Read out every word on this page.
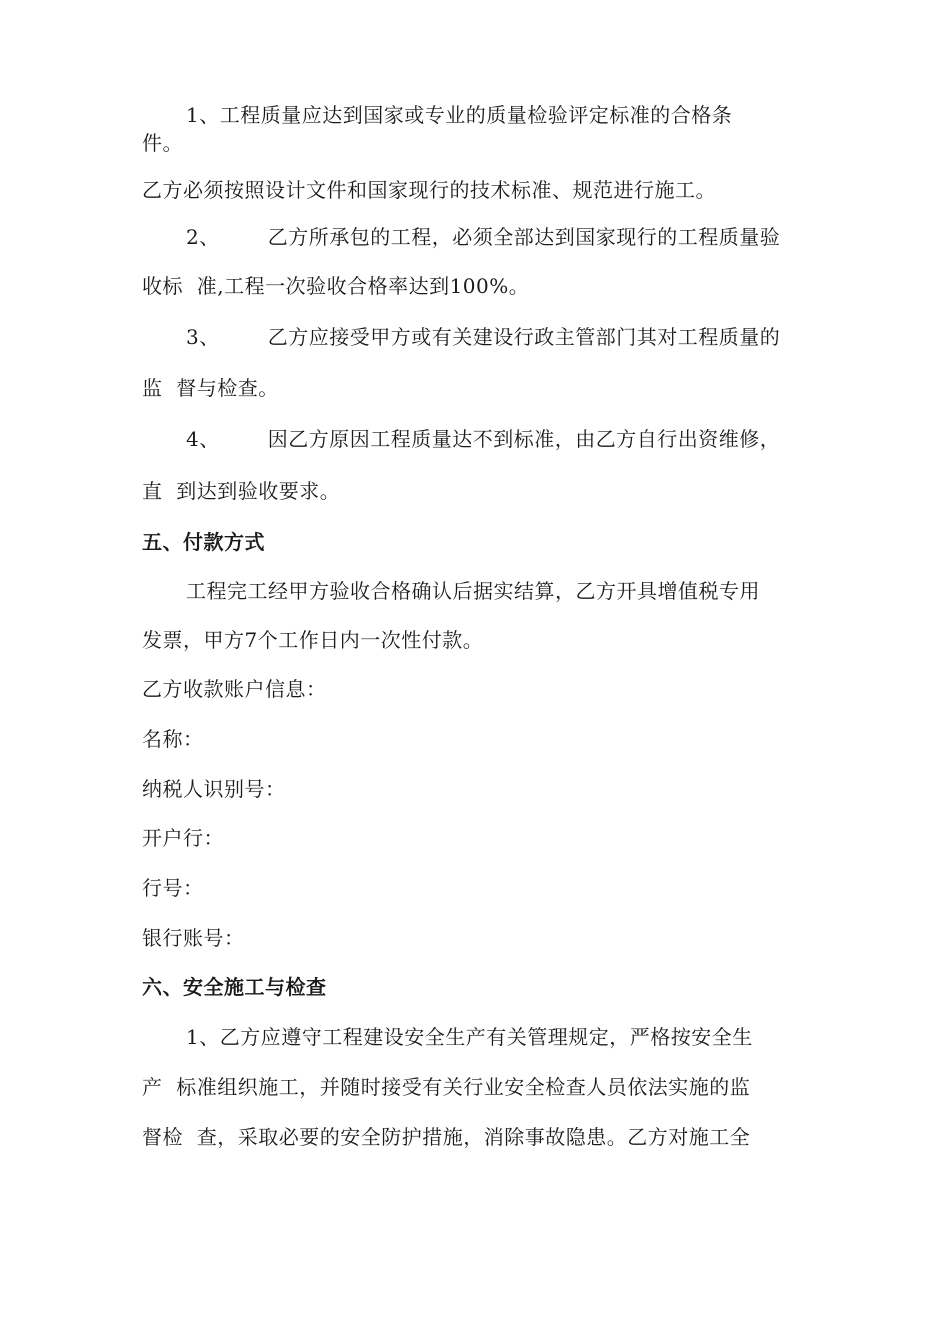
1、工程质量应达到国家或专业的质量检验评定标准的合格条
件。
乙方必须按照设计文件和国家现行的技术标准、规范进行施工。
2、       乙方所承包的工程，必须全部达到国家现行的工程质量验
收标  准,工程一次验收合格率达到100%。
3、       乙方应接受甲方或有关建设行政主管部门其对工程质量的
监  督与检查。
4、       因乙方原因工程质量达不到标准，由乙方自行出资维修，
直  到达到验收要求。
五、付款方式
工程完工经甲方验收合格确认后据实结算，乙方开具增值税专用
发票，甲方7个工作日内一次性付款。
乙方收款账户信息：
名称：
纳税人识别号：
开户行：
行号：
银行账号：
六、安全施工与检查
1、乙方应遵守工程建设安全生产有关管理规定，严格按安全生
产  标准组织施工，并随时接受有关行业安全检查人员依法实施的监
督检  查，采取必要的安全防护措施，消除事故隐患。乙方对施工全
